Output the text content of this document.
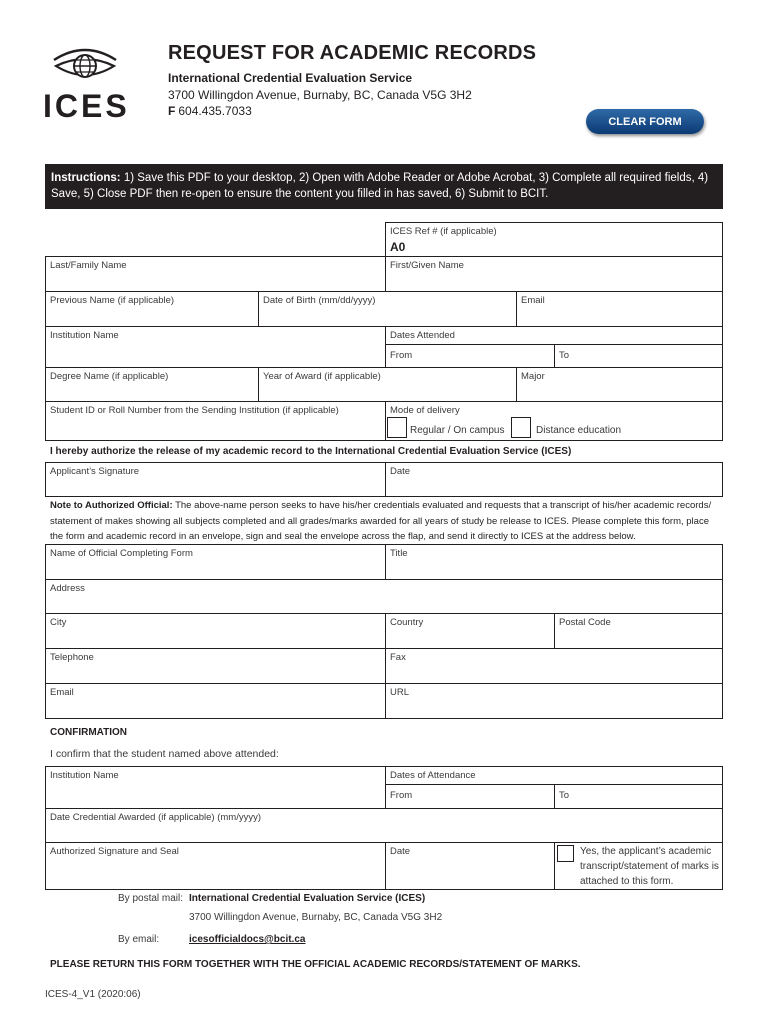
ICES
REQUEST FOR ACADEMIC RECORDS
International Credential Evaluation Service
3700 Willingdon Avenue, Burnaby, BC, Canada V5G 3H2
F 604.435.7033
CLEAR FORM
Instructions: 1) Save this PDF to your desktop, 2) Open with Adobe Reader or Adobe Acrobat, 3) Complete all required fields, 4) Save, 5) Close PDF then re-open to ensure the content you filled in has saved, 6) Submit to BCIT.
ICES Ref # (if applicable)
A0
Last/Family Name	First/Given Name
Previous Name (if applicable)	Date of Birth (mm/dd/yyyy)	Email
Institution Name	Dates Attended
From	To
Degree Name (if applicable)	Year of Award (if applicable)	Major
Student ID or Roll Number from the Sending Institution (if applicable)	Mode of delivery
Regular / On campus	Distance education
I hereby authorize the release of my academic record to the International Credential Evaluation Service (ICES)
Applicant’s Signature	Date
Note to Authorized Official: The above-name person seeks to have his/her credentials evaluated and requests that a transcript of his/her academic records/ statement of makes showing all subjects completed and all grades/marks awarded for all years of study be release to ICES. Please complete this form, place the form and academic record in an envelope, sign and seal the envelope across the flap, and send it directly to ICES at the address below.
Name of Official Completing Form	Title
Address
City	Country	Postal Code
Telephone	Fax
Email	URL
CONFIRMATION
I confirm that the student named above attended:
Institution Name	Dates of Attendance
From	To
Date Credential Awarded (if applicable) (mm/yyyy)
Authorized Signature and Seal	Date	Yes, the applicant’s academic transcript/statement of marks is attached to this form.
By postal mail: International Credential Evaluation Service (ICES)
3700 Willingdon Avenue, Burnaby, BC, Canada V5G 3H2
By email:	icesofficialdocs@bcit.ca
PLEASE RETURN THIS FORM TOGETHER WITH THE OFFICIAL ACADEMIC RECORDS/STATEMENT OF MARKS.
ICES-4_V1 (2020:06)
